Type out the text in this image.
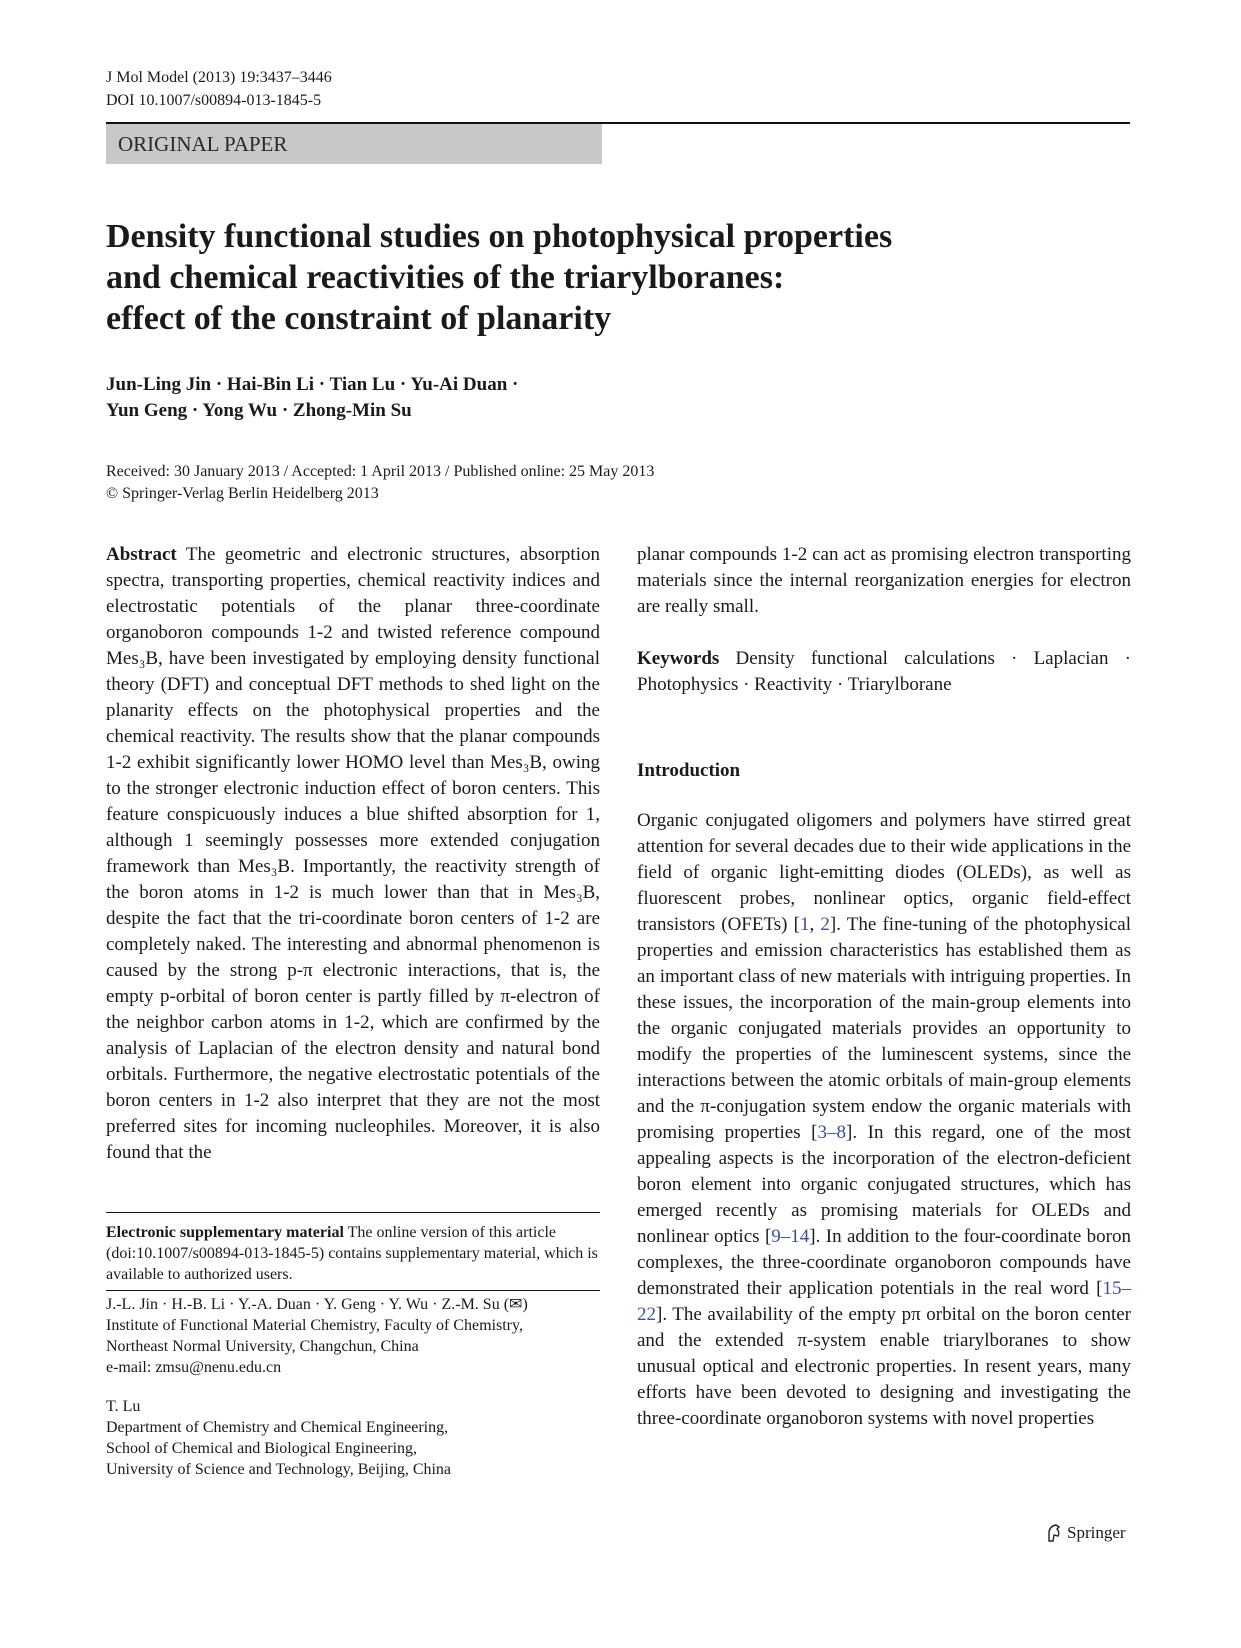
J Mol Model (2013) 19:3437–3446
DOI 10.1007/s00894-013-1845-5
ORIGINAL PAPER
Density functional studies on photophysical properties
and chemical reactivities of the triarylboranes:
effect of the constraint of planarity
Jun-Ling Jin · Hai-Bin Li · Tian Lu · Yu-Ai Duan ·
Yun Geng · Yong Wu · Zhong-Min Su
Received: 30 January 2013 / Accepted: 1 April 2013 / Published online: 25 May 2013
© Springer-Verlag Berlin Heidelberg 2013

Abstract The geometric and electronic structures, absorption spectra, transporting properties, chemical reactivity indices and electrostatic potentials of the planar three-coordinate organoboron compounds 1-2 and twisted reference compound Mes₃B, have been investigated by employing density functional theory (DFT) and conceptual DFT methods to shed light on the planarity effects on the photophysical properties and the chemical reactivity. The results show that the planar compounds 1-2 exhibit significantly lower HOMO level than Mes₃B, owing to the stronger electronic induction effect of boron centers. This feature conspicuously induces a blue shifted absorption for 1, although 1 seemingly possesses more extended conjugation framework than Mes₃B. Importantly, the reactivity strength of the boron atoms in 1-2 is much lower than that in Mes₃B, despite the fact that the tri-coordinate boron centers of 1-2 are completely naked. The interesting and abnormal phenomenon is caused by the strong p-π electronic interactions, that is, the empty p-orbital of boron center is partly filled by π-electron of the neighbor carbon atoms in 1-2, which are confirmed by the analysis of Laplacian of the electron density and natural bond orbitals. Furthermore, the negative electrostatic potentials of the boron centers in 1-2 also interpret that they are not the most preferred sites for incoming nucleophiles. Moreover, it is also found that the

Electronic supplementary material The online version of this article (doi:10.1007/s00894-013-1845-5) contains supplementary material, which is available to authorized users.

J.-L. Jin · H.-B. Li · Y.-A. Duan · Y. Geng · Y. Wu · Z.-M. Su (✉)

Institute of Functional Material Chemistry, Faculty of Chemistry,

Northeast Normal University, Changchun, China

e-mail: zmsu@nenu.edu.cn

T. Lu

Department of Chemistry and Chemical Engineering,

School of Chemical and Biological Engineering,

University of Science and Technology, Beijing, China

planar compounds 1-2 can act as promising electron transporting materials since the internal reorganization energies for electron are really small.

Keywords Density functional calculations · Laplacian · Photophysics · Reactivity · Triarylborane

Introduction

Organic conjugated oligomers and polymers have stirred great attention for several decades due to their wide applications in the field of organic light-emitting diodes (OLEDs), as well as fluorescent probes, nonlinear optics, organic field-effect transistors (OFETs) [1, 2]. The fine-tuning of the photophysical properties and emission characteristics has established them as an important class of new materials with intriguing properties. In these issues, the incorporation of the main-group elements into the organic conjugated materials provides an opportunity to modify the properties of the luminescent systems, since the interactions between the atomic orbitals of main-group elements and the π-conjugation system endow the organic materials with promising properties [3–8]. In this regard, one of the most appealing aspects is the incorporation of the electron-deficient boron element into organic conjugated structures, which has emerged recently as promising materials for OLEDs and nonlinear optics [9–14]. In addition to the four-coordinate boron complexes, the three-coordinate organoboron compounds have demonstrated their application potentials in the real word [15–22]. The availability of the empty pπ orbital on the boron center and the extended π-system enable triarylboranes to show unusual optical and electronic properties. In resent years, many efforts have been devoted to designing and investigating the three-coordinate organoboron systems with novel properties

Springer
